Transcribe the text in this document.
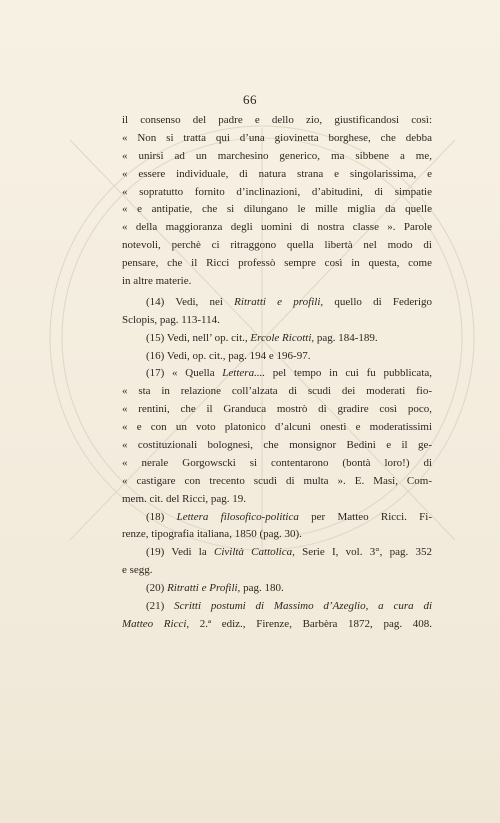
66
il consenso del padre e dello zio, giustificandosi così:
« Non si tratta qui d’una giovinetta borghese, che debba
« unirsi ad un marchesino generico, ma sibbene a me,
« essere individuale, di natura strana e singolarissima, e
« sopratutto fornito d’inclinazioni, d’abitudini, di simpatie
« e antipatie, che si dilungano le mille miglia da quelle
« della maggioranza degli uomini di nostra classe ». Parole
notevoli, perchè ci ritraggono quella libertà nel modo di
pensare, che il Ricci professò sempre così in questa, come
in altre materie.
(14) Vedi, nei Ritratti e profili, quello di Federigo
Sclopis, pag. 113-114.
(15) Vedi, nell’ op. cit., Ercole Ricotti, pag. 184-189.
(16) Vedi, op. cit., pag. 194 e 196-97.
(17) « Quella Lettera.... pel tempo in cui fu pubblicata,
« sta in relazione coll’alzata di scudi dei moderati fio-
« rentini, che il Granduca mostrò di gradire così poco,
« e con un voto platonico d’alcuni onesti e moderatissimi
« costituzionali bolognesi, che monsignor Bedini e il ge-
« nerale Gorgowscki si contentarono (bontà loro!) di
« castigare con trecento scudi di multa ». E. Masi, Com-
mem. cit. del Ricci, pag. 19.
(18) Lettera filosofico-politica per Matteo Ricci. Fi-
renze, tipografia italiana, 1850 (pag. 30).
(19) Vedi la Civiltà Cattolica, Serie I, vol. 3°, pag. 352
e segg.
(20) Ritratti e Profili, pag. 180.
(21) Scritti postumi di Massimo d’Azeglio, a cura di
Matteo Ricci, 2.ª ediz., Firenze, Barbèra 1872, pag. 408.
